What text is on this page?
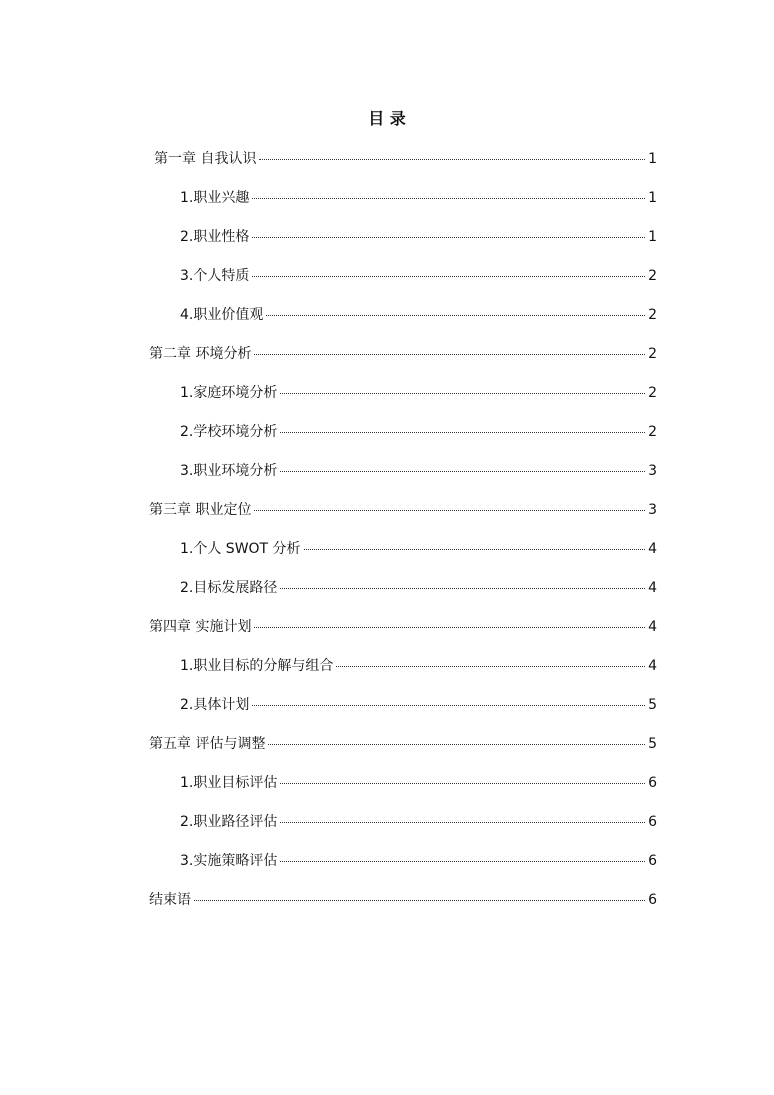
目 录
第一章 自我认识	1
1.职业兴趣	1
2.职业性格	1
3.个人特质	2
4.职业价值观	2
第二章 环境分析	2
1.家庭环境分析	2
2.学校环境分析	2
3.职业环境分析	3
第三章 职业定位	3
1.个人 SWOT 分析	4
2.目标发展路径	4
第四章 实施计划	4
1.职业目标的分解与组合	4
2.具体计划	5
第五章 评估与调整	5
1.职业目标评估	6
2.职业路径评估	6
3.实施策略评估	6
结束语	6
